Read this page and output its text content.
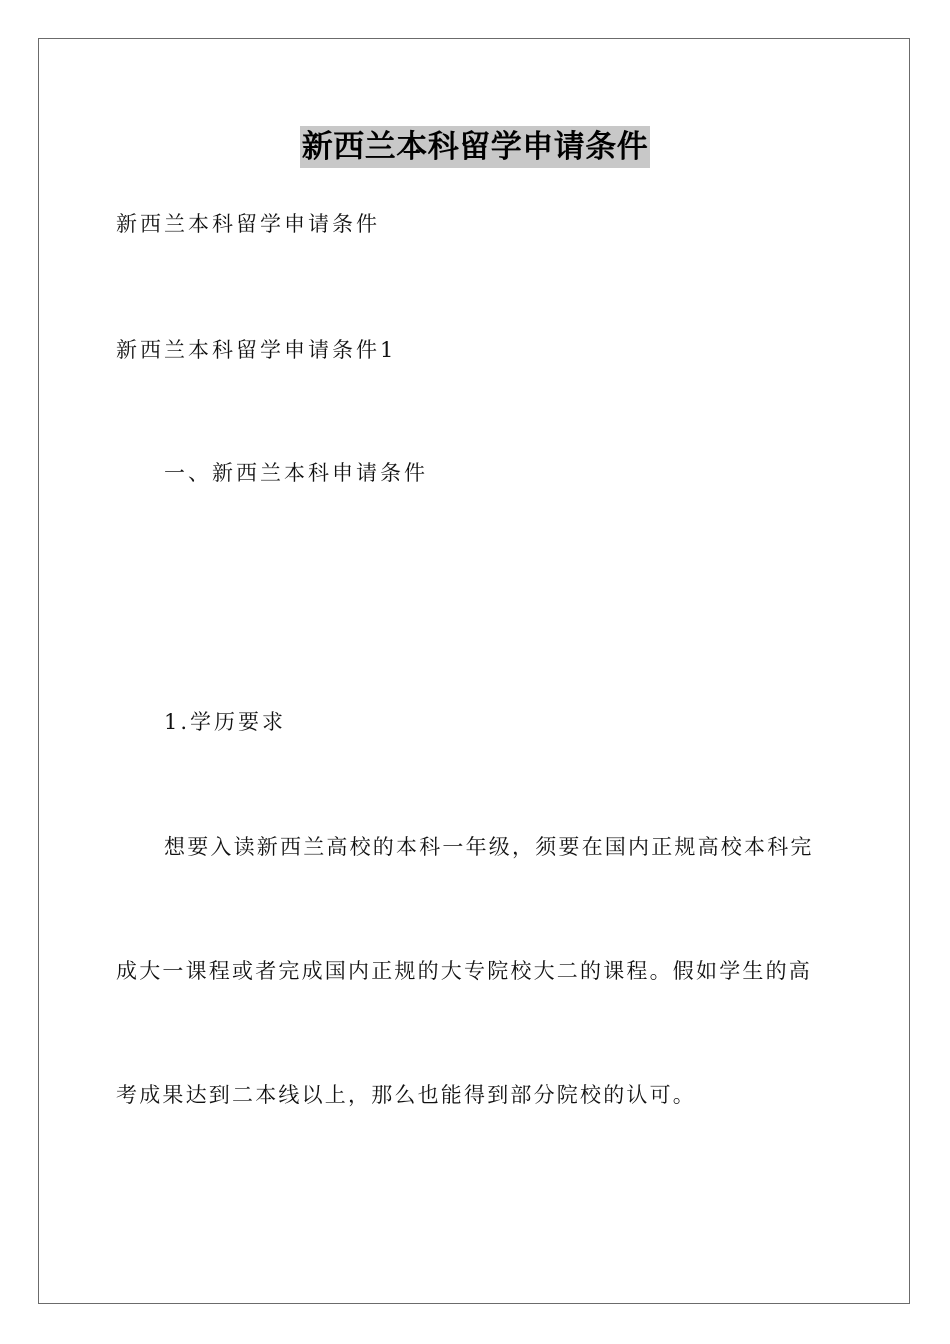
新西兰本科留学申请条件
新西兰本科留学申请条件
新西兰本科留学申请条件1
一、新西兰本科申请条件
1.学历要求
想要入读新西兰高校的本科一年级，须要在国内正规高校本科完
成大一课程或者完成国内正规的大专院校大二的课程。假如学生的高
考成果达到二本线以上，那么也能得到部分院校的认可。
